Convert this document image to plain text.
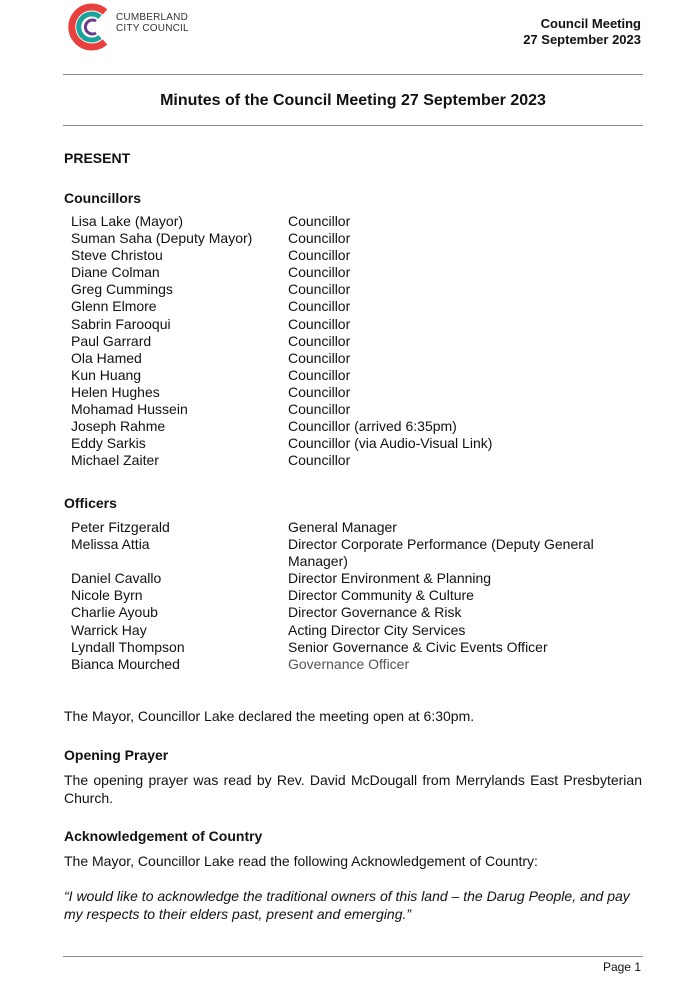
CUMBERLAND
CITY COUNCIL	Council Meeting
27 September 2023
Minutes of the Council Meeting 27 September 2023
PRESENT
Councillors
Lisa Lake (Mayor)	Councillor
Suman Saha (Deputy Mayor)	Councillor
Steve Christou	Councillor
Diane Colman	Councillor
Greg Cummings	Councillor
Glenn Elmore	Councillor
Sabrin Farooqui	Councillor
Paul Garrard	Councillor
Ola Hamed	Councillor
Kun Huang	Councillor
Helen Hughes	Councillor
Mohamad Hussein	Councillor
Joseph Rahme	Councillor (arrived 6:35pm)
Eddy Sarkis	Councillor (via Audio-Visual Link)
Michael Zaiter	Councillor
Officers
Peter Fitzgerald	General Manager
Melissa Attia	Director Corporate Performance (Deputy General Manager)
Daniel Cavallo	Director Environment & Planning
Nicole Byrn	Director Community & Culture
Charlie Ayoub	Director Governance & Risk
Warrick Hay	Acting Director City Services
Lyndall Thompson	Senior Governance & Civic Events Officer
Bianca Mourched	Governance Officer
The Mayor, Councillor Lake declared the meeting open at 6:30pm.
Opening Prayer
The opening prayer was read by Rev. David McDougall from Merrylands East Presbyterian Church.
Acknowledgement of Country
The Mayor, Councillor Lake read the following Acknowledgement of Country:
“I would like to acknowledge the traditional owners of this land – the Darug People, and pay my respects to their elders past, present and emerging.”
Page 1
